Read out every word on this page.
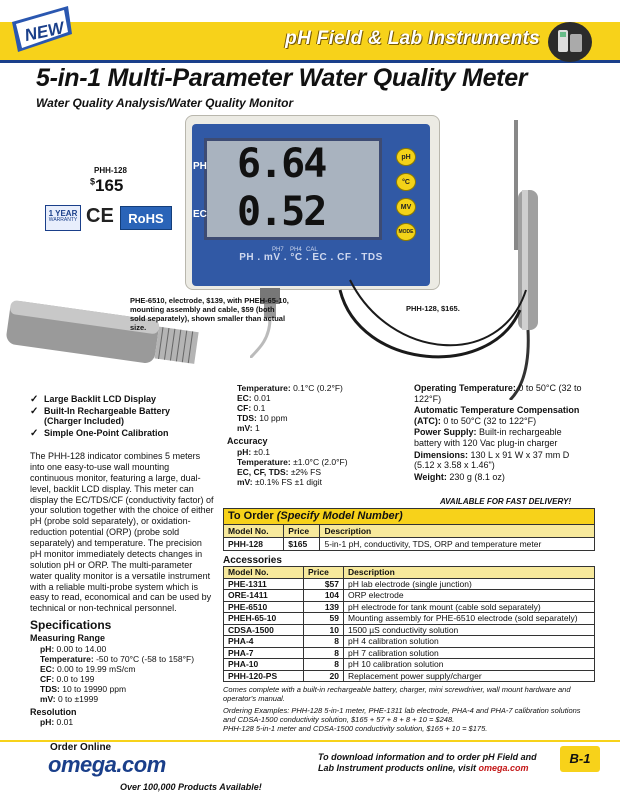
NEW	pH Field & Lab Instruments
5-in-1 Multi-Parameter Water Quality Meter
Water Quality Analysis/Water Quality Monitor
PHH-128
$165
1 YEAR
WARRANTY CE	RoHS
PH 6.64
EC 0.52
pH
°C
MV
MODE
PH7 PH4 CAL
PH . mV . °C . EC . CF . TDS
PHE-6510, electrode, $139, with PHEH-65-10, mounting assembly and cable, $59 (both sold separately), shown smaller than actual size.
PHH-128, $165.
✓ Large Backlit LCD Display
✓ Built-In Rechargeable Battery (Charger Included)
✓ Simple One-Point Calibration
The PHH-128 indicator combines 5 meters into one easy-to-use wall mounting continuous monitor, featuring a large, dual-level, backlit LCD display. This meter can display the EC/TDS/CF (conductivity factor) of your solution together with the choice of either pH (probe sold separately), or oxidation-reduction potential (ORP) (probe sold separately) and temperature. The precision pH monitor immediately detects changes in solution pH or ORP. The multi-parameter water quality monitor is a versatile instrument with a reliable multi-probe system which is easy to read, economical and can be used by technical or non-technical personnel.
Specifications
Measuring Range
pH: 0.00 to 14.00
Temperature: -50 to 70°C (-58 to 158°F)
EC: 0.00 to 19.99 mS/cm
CF: 0.0 to 199
TDS: 10 to 19990 ppm
mV: 0 to ±1999
Resolution
pH: 0.01
Temperature: 0.1°C (0.2°F)
EC: 0.01
CF: 0.1
TDS: 10 ppm
mV: 1
Accuracy
pH: ±0.1
Temperature: ±1.0°C (2.0°F)
EC, CF, TDS: ±2% FS
mV: ±0.1% FS ±1 digit
Operating Temperature: 0 to 50°C (32 to 122°F)
Automatic Temperature Compensation (ATC): 0 to 50°C (32 to 122°F)
Power Supply: Built-in rechargeable battery with 120 Vac plug-in charger
Dimensions: 130 L x 91 W x 37 mm D (5.12 x 3.58 x 1.46")
Weight: 230 g (8.1 oz)
AVAILABLE FOR FAST DELIVERY!
To Order (Specify Model Number)		
Model No.	Price	Description
PHH-128	$165	5-in-1 pH, conductivity, TDS, ORP and temperature meter
Accessories
Model No.	Price	Description
PHE-1311	$57	pH lab electrode (single junction)
ORE-1411	104	ORP electrode
PHE-6510	139	pH electrode for tank mount (cable sold separately)
PHEH-65-10	59	Mounting assembly for PHE-6510 electrode (sold separately)
CDSA-1500	10	1500 µS conductivity solution
PHA-4	8	pH 4 calibration solution
PHA-7	8	pH 7 calibration solution
PHA-10	8	pH 10 calibration solution
PHH-120-PS	20	Replacement power supply/charger
Comes complete with a built-in rechargeable battery, charger, mini screwdriver, wall mount hardware and operator's manual.
Ordering Examples: PHH-128 5-in-1 meter, PHE-1311 lab electrode, PHA-4 and PHA-7 calibration solutions and CDSA-1500 conductivity solution, $165 + 57 + 8 + 8 + 10 = $248.
PHH-128 5-in-1 meter and CDSA-1500 conductivity solution, $165 + 10 = $175.
Order Online
omega.com
Over 100,000 Products Available!
To download information and to order pH Field and Lab Instrument products online, visit omega.com
B-1
